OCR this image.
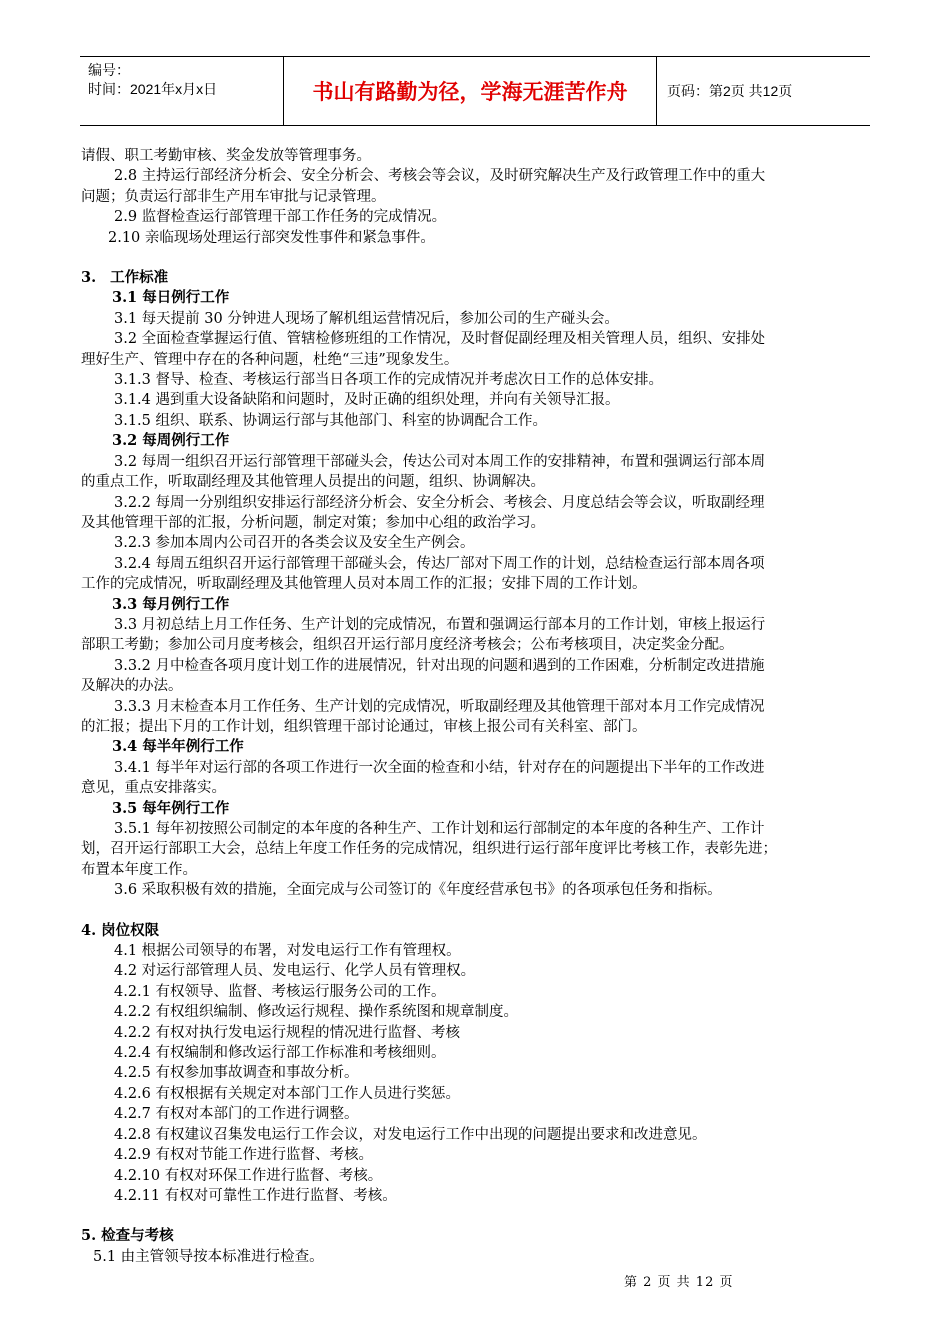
编号：
时间：2021年x月x日	书山有路勤为径，学海无涯苦作舟	页码：第2页 共12页

请假、职工考勤审核、奖金发放等管理事务。

2.8 主持运行部经济分析会、安全分析会、考核会等会议，及时研究解决生产及行政管理工作中的重大

问题；负责运行部非生产用车审批与记录管理。

2.9 监督检查运行部管理干部工作任务的完成情况。

2.10 亲临现场处理运行部突发性事件和紧急事件。

3. 工作标准

3.1 每日例行工作

3.1 每天提前 30 分钟进人现场了解机组运营情况后，参加公司的生产碰头会。

3.2 全面检查掌握运行值、管辖检修班组的工作情况，及时督促副经理及相关管理人员，组织、安排处

理好生产、管理中存在的各种问题，杜绝“三违”现象发生。

3.1.3 督导、检查、考核运行部当日各项工作的完成情况并考虑次日工作的总体安排。

3.1.4 遇到重大设备缺陷和问题时，及时正确的组织处理，并向有关领导汇报。

3.1.5 组织、联系、协调运行部与其他部门、科室的协调配合工作。

3.2 每周例行工作

3.2 每周一组织召开运行部管理干部碰头会，传达公司对本周工作的安排精神，布置和强调运行部本周

的重点工作，听取副经理及其他管理人员提出的问题，组织、协调解决。

3.2.2 每周一分别组织安排运行部经济分析会、安全分析会、考核会、月度总结会等会议，听取副经理

及其他管理干部的汇报，分析问题，制定对策；参加中心组的政治学习。

3.2.3 参加本周内公司召开的各类会议及安全生产例会。

3.2.4 每周五组织召开运行部管理干部碰头会，传达厂部对下周工作的计划，总结检查运行部本周各项

工作的完成情况，听取副经理及其他管理人员对本周工作的汇报；安排下周的工作计划。

3.3 每月例行工作

3.3 月初总结上月工作任务、生产计划的完成情况，布置和强调运行部本月的工作计划，审核上报运行

部职工考勤；参加公司月度考核会，组织召开运行部月度经济考核会；公布考核项目，决定奖金分配。

3.3.2 月中检查各项月度计划工作的进展情况，针对出现的问题和遇到的工作困难，分析制定改进措施

及解决的办法。

3.3.3 月末检查本月工作任务、生产计划的完成情况，听取副经理及其他管理干部对本月工作完成情况

的汇报；提出下月的工作计划，组织管理干部讨论通过，审核上报公司有关科室、部门。

3.4 每半年例行工作

3.4.1 每半年对运行部的各项工作进行一次全面的检查和小结，针对存在的问题提出下半年的工作改进

意见，重点安排落实。

3.5 每年例行工作

3.5.1 每年初按照公司制定的本年度的各种生产、工作计划和运行部制定的本年度的各种生产、工作计

划，召开运行部职工大会，总结上年度工作任务的完成情况，组织进行运行部年度评比考核工作，表彰先进；

布置本年度工作。

3.6 采取积极有效的措施，全面完成与公司签订的《年度经营承包书》的各项承包任务和指标。

4. 岗位权限

4.1 根据公司领导的布署，对发电运行工作有管理权。

4.2 对运行部管理人员、发电运行、化学人员有管理权。

4.2.1 有权领导、监督、考核运行服务公司的工作。

4.2.2 有权组织编制、修改运行规程、操作系统图和规章制度。

4.2.2 有权对执行发电运行规程的情况进行监督、考核

4.2.4 有权编制和修改运行部工作标准和考核细则。

4.2.5 有权参加事故调查和事故分析。

4.2.6 有权根据有关规定对本部门工作人员进行奖惩。

4.2.7 有权对本部门的工作进行调整。

4.2.8 有权建议召集发电运行工作会议，对发电运行工作中出现的问题提出要求和改进意见。

4.2.9 有权对节能工作进行监督、考核。

4.2.10 有权对环保工作进行监督、考核。

4.2.11 有权对可靠性工作进行监督、考核。

5. 检查与考核

5.1 由主管领导按本标准进行检查。

第 2 页 共 12 页
